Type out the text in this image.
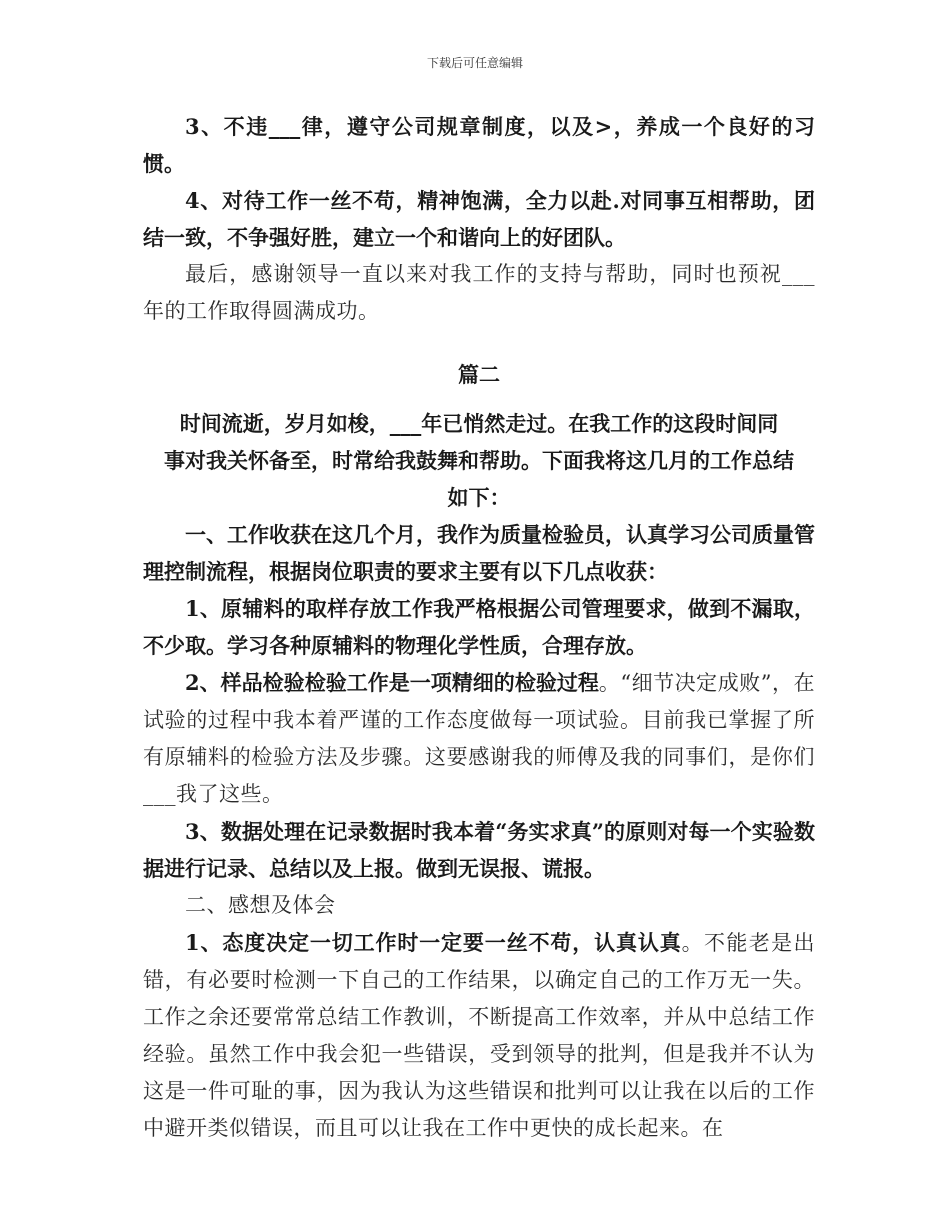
下载后可任意编辑

3、不违___律，遵守公司规章制度，以及>，养成一个良好的习惯。

4、对待工作一丝不苟，精神饱满，全力以赴.对同事互相帮助，团结一致，不争强好胜，建立一个和谐向上的好团队。

最后，感谢领导一直以来对我工作的支持与帮助，同时也预祝___年的工作取得圆满成功。

篇二

时间流逝，岁月如梭，___年已悄然走过。在我工作的这段时间同

事对我关怀备至，时常给我鼓舞和帮助。下面我将这几月的工作总结

如下：

一、工作收获在这几个月，我作为质量检验员，认真学习公司质量管理控制流程，根据岗位职责的要求主要有以下几点收获：

1、原辅料的取样存放工作我严格根据公司管理要求，做到不漏取，不少取。学习各种原辅料的物理化学性质，合理存放。

2、样品检验检验工作是一项精细的检验过程。“细节决定成败”，在试验的过程中我本着严谨的工作态度做每一项试验。目前我已掌握了所有原辅料的检验方法及步骤。这要感谢我的师傅及我的同事们，是你们___我了这些。

3、数据处理在记录数据时我本着“务实求真”的原则对每一个实验数据进行记录、总结以及上报。做到无误报、谎报。

二、感想及体会

1、态度决定一切工作时一定要一丝不苟，认真认真。不能老是出错，有必要时检测一下自己的工作结果，以确定自己的工作万无一失。工作之余还要常常总结工作教训，不断提高工作效率，并从中总结工作经验。虽然工作中我会犯一些错误，受到领导的批判，但是我并不认为这是一件可耻的事，因为我认为这些错误和批判可以让我在以后的工作中避开类似错误，而且可以让我在工作中更快的成长起来。在
